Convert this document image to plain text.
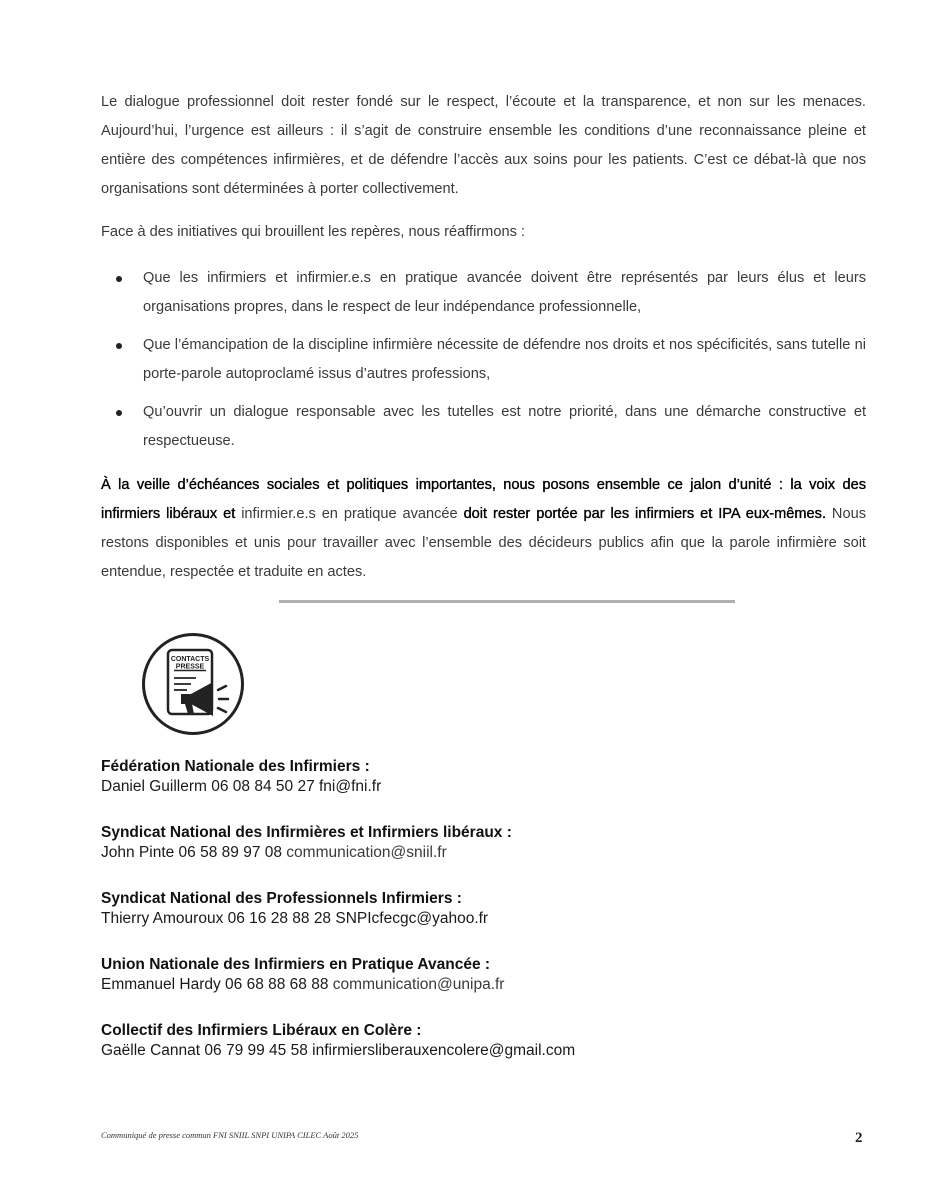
Le dialogue professionnel doit rester fondé sur le respect, l’écoute et la transparence, et non sur les menaces. Aujourd’hui, l’urgence est ailleurs : il s’agit de construire ensemble les conditions d’une reconnaissance pleine et entière des compétences infirmières, et de défendre l’accès aux soins pour les patients. C’est ce débat-là que nos organisations sont déterminées à porter collectivement.

Face à des initiatives qui brouillent les repères, nous réaffirmons :

Que les infirmiers et infirmier.e.s en pratique avancée doivent être représentés par leurs élus et leurs organisations propres, dans le respect de leur indépendance professionnelle,
Que l’émancipation de la discipline infirmière nécessite de défendre nos droits et nos spécificités, sans tutelle ni porte-parole autoproclamé issus d’autres professions,
Qu’ouvrir un dialogue responsable avec les tutelles est notre priorité, dans une démarche constructive et respectueuse.

À la veille d’échéances sociales et politiques importantes, nous posons ensemble ce jalon d’unité : la voix des infirmiers libéraux et infirmier.e.s en pratique avancée doit rester portée par les infirmiers et IPA eux-mêmes. Nous restons disponibles et unis pour travailler avec l’ensemble des décideurs publics afin que la parole infirmière soit entendue, respectée et traduite en actes.

CONTACTS
PRESSE
Fédération Nationale des Infirmiers :
Daniel Guillerm 06 08 84 50 27 fni@fni.fr
Syndicat National des Infirmières et Infirmiers libéraux :
John Pinte 06 58 89 97 08 communication@sniil.fr
Syndicat National des Professionnels Infirmiers :
Thierry Amouroux 06 16 28 88 28 SNPIcfecgc@yahoo.fr
Union Nationale des Infirmiers en Pratique Avancée :
Emmanuel Hardy 06 68 88 68 88 communication@unipa.fr
Collectif des Infirmiers Libéraux en Colère :
Gaëlle Cannat 06 79 99 45 58 infirmiersliberauxencolere@gmail.com
Communiqué de presse commun FNI SNIIL SNPI UNIPA CILEC Août 2025	2
